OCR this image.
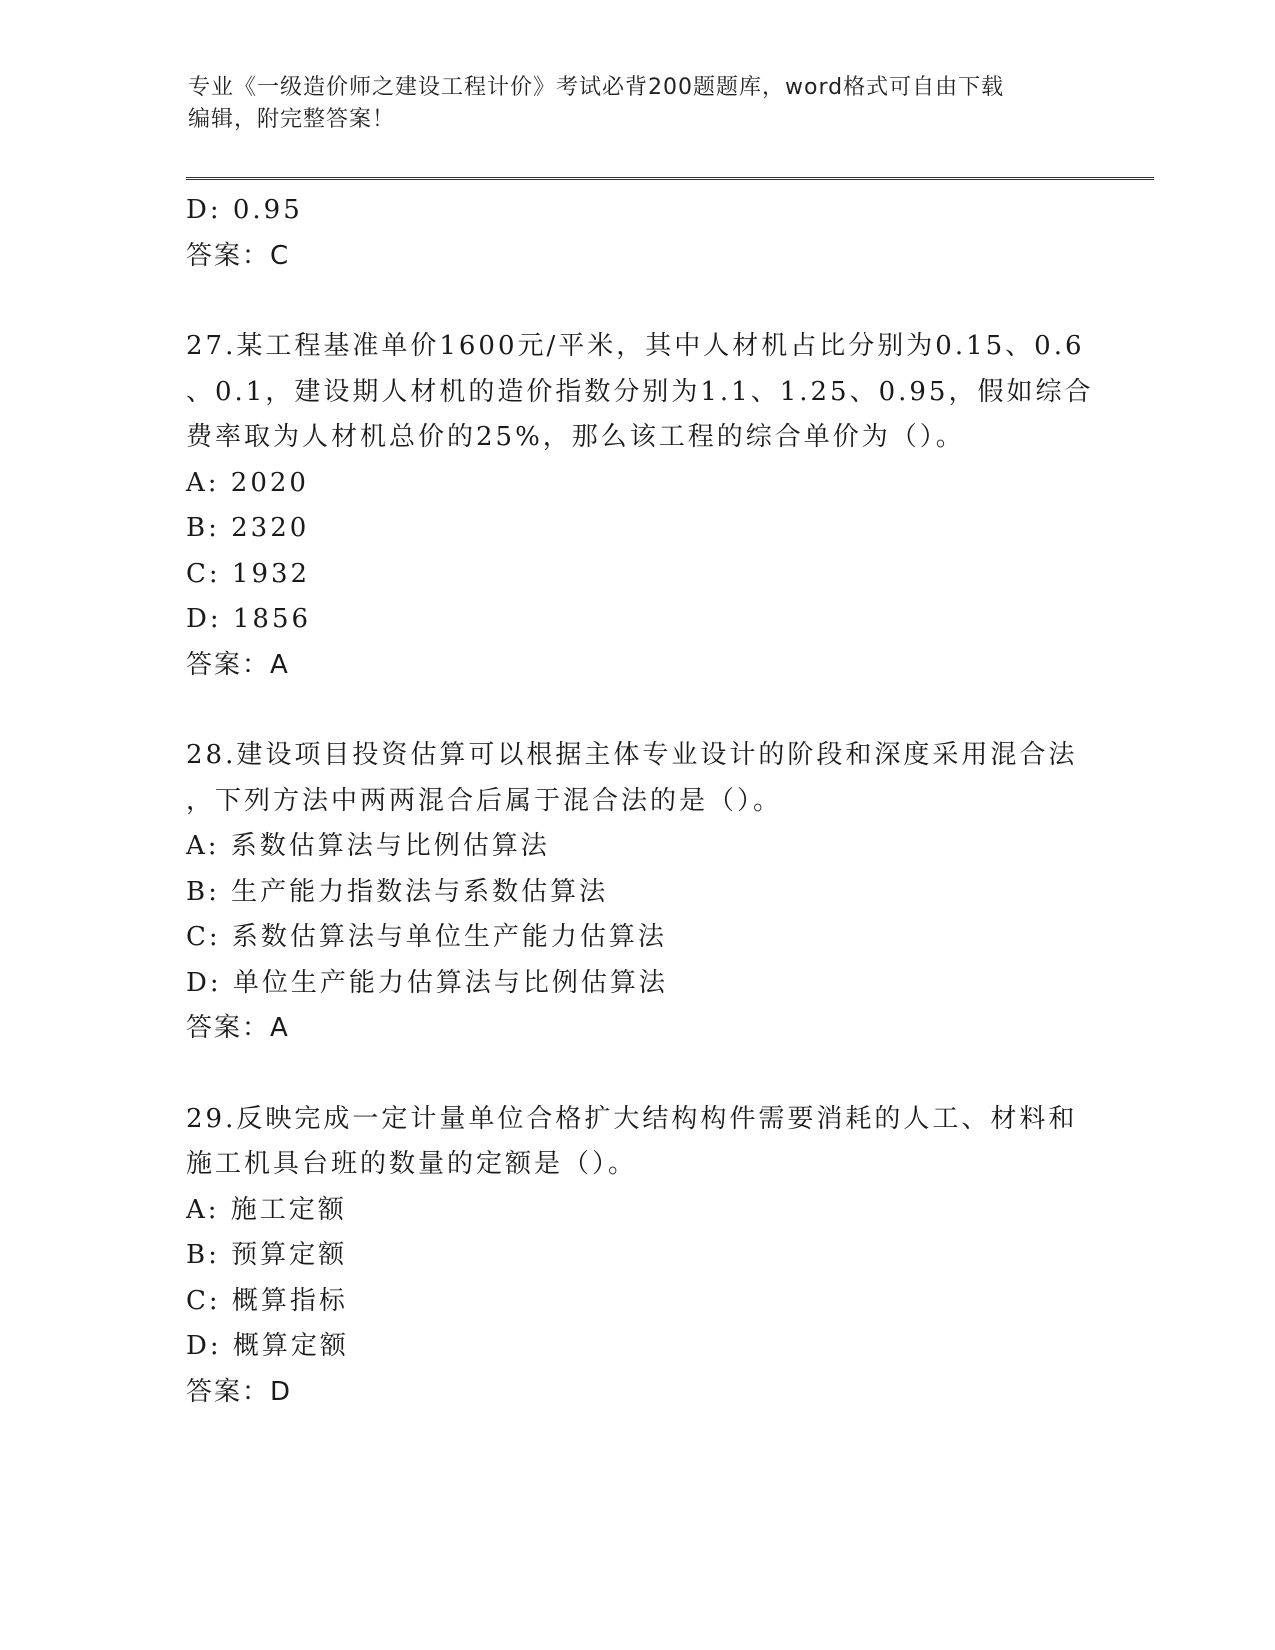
专业《一级造价师之建设工程计价》考试必背200题题库，word格式可自由下载
编辑，附完整答案！
D: 0.95
答案：C
27.某工程基准单价1600元/平米，其中人材机占比分别为0.15、0.6
、0.1，建设期人材机的造价指数分别为1.1、1.25、0.95，假如综合
费率取为人材机总价的25%，那么该工程的综合单价为（）。
A: 2020
B: 2320
C: 1932
D: 1856
答案：A
28.建设项目投资估算可以根据主体专业设计的阶段和深度采用混合法
，下列方法中两两混合后属于混合法的是（）。
A: 系数估算法与比例估算法
B: 生产能力指数法与系数估算法
C: 系数估算法与单位生产能力估算法
D: 单位生产能力估算法与比例估算法
答案：A
29.反映完成一定计量单位合格扩大结构构件需要消耗的人工、材料和
施工机具台班的数量的定额是（）。
A: 施工定额
B: 预算定额
C: 概算指标
D: 概算定额
答案：D
